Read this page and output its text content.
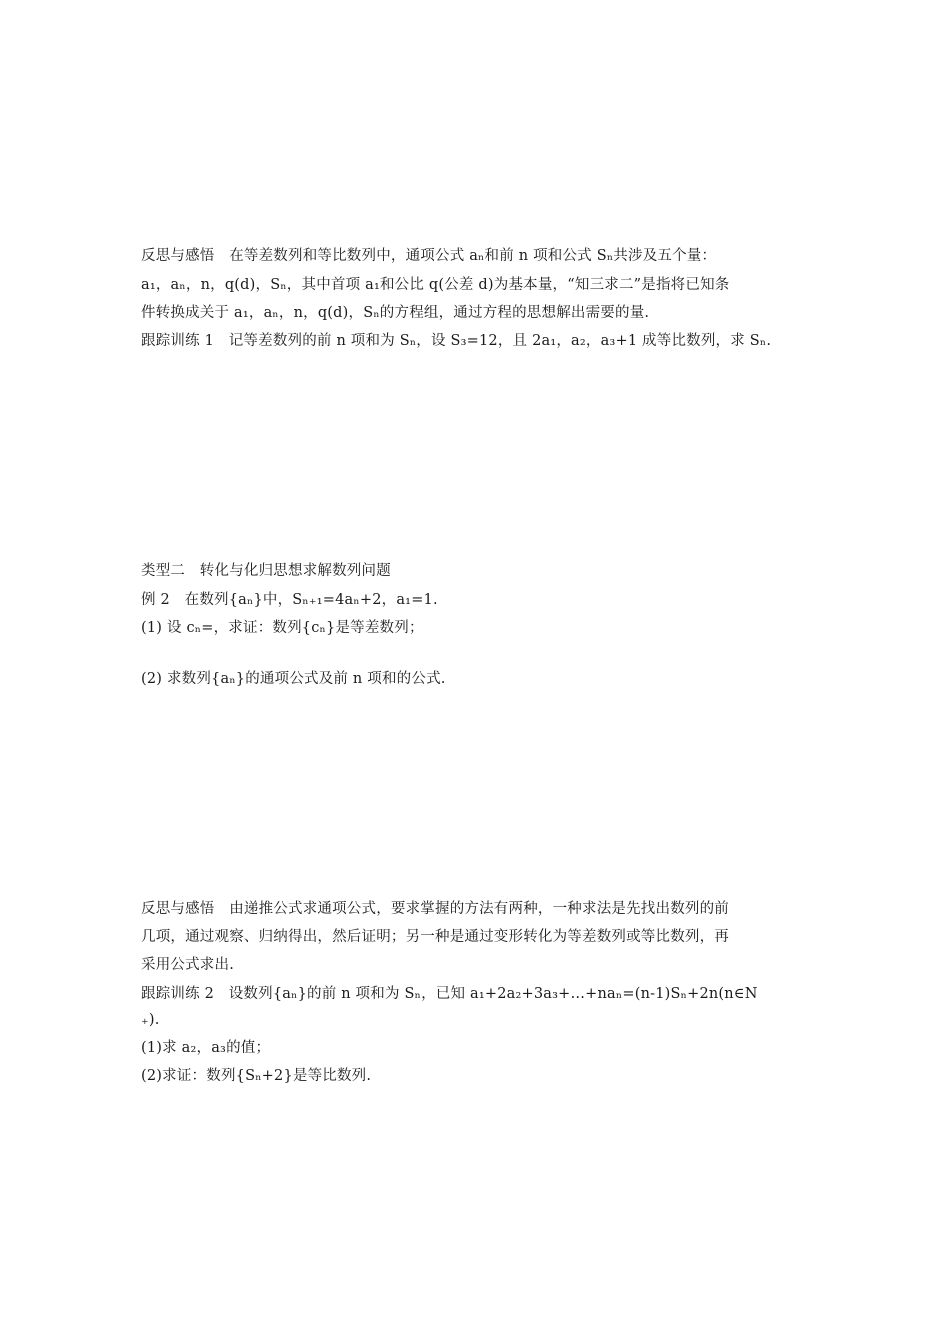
反思与感悟　在等差数列和等比数列中，通项公式 aₙ和前 n 项和公式 Sₙ共涉及五个量：
a₁，aₙ，n，q(d)，Sₙ，其中首项 a₁和公比 q(公差 d)为基本量，“知三求二”是指将已知条
件转换成关于 a₁，aₙ，n，q(d)，Sₙ的方程组，通过方程的思想解出需要的量.
跟踪训练 1　记等差数列的前 n 项和为 Sₙ，设 S₃=12，且 2a₁，a₂，a₃+1 成等比数列，求 Sₙ.
类型二　转化与化归思想求解数列问题
例 2　在数列{aₙ}中，Sₙ₊₁=4aₙ+2，a₁=1.
(1) 设 cₙ=，求证：数列{cₙ}是等差数列；
(2) 求数列{aₙ}的通项公式及前 n 项和的公式.
反思与感悟　由递推公式求通项公式，要求掌握的方法有两种，一种求法是先找出数列的前
几项，通过观察、归纳得出，然后证明；另一种是通过变形转化为等差数列或等比数列，再
采用公式求出.
跟踪训练 2　设数列{aₙ}的前 n 项和为 Sₙ，已知 a₁+2a₂+3a₃+…+naₙ=(n-1)Sₙ+2n(n∈N
₊).
(1)求 a₂，a₃的值；
(2)求证：数列{Sₙ+2}是等比数列.
